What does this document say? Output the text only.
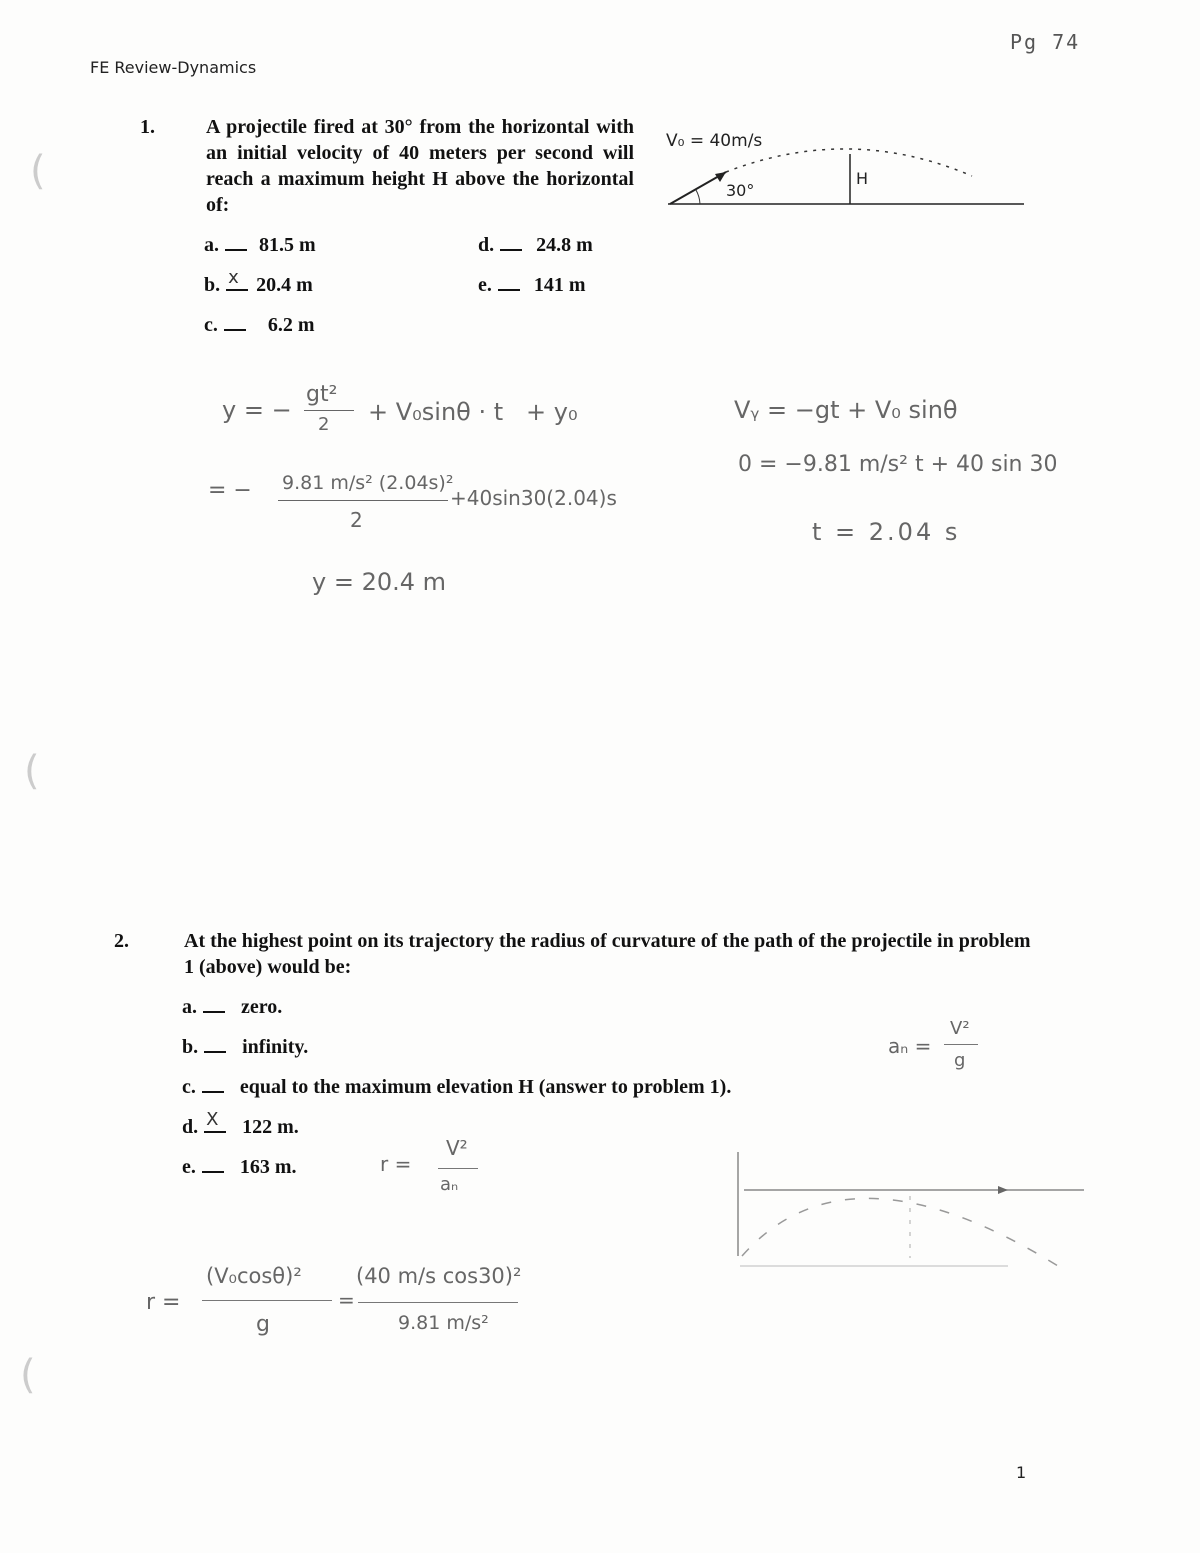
(
(
(
FE Review-Dynamics
Pg 74
1.	A projectile fired at 30° from the horizontal with an initial velocity of 40 meters per second will reach a maximum height H above the horizontal of:
a. 81.5 m
b. x 20.4 m
c.	6.2 m
d. 24.8 m
e. 141 m
V₀ = 40m/s
30°
H
y = −
gt²
2 + V₀sinθ · t   + y₀
= − 9.81 m/s² (2.04s)²
2
+40sin30(2.04)s
y = 20.4 m
Vᵧ = −gt + V₀ sinθ
0 = −9.81 m/s² t + 40 sin 30
t = 2.04 s
2.	At the highest point on its trajectory the radius of curvature of the path of the projectile in problem 1 (above) would be:
a. zero.
b. infinity.
c. equal to the maximum elevation H (answer to problem 1).
d. X 122 m.
e. 163 m.
aₙ =
V²
g
r =
V²
aₙ
r =
(V₀cosθ)²
g
=
(40 m/s cos30)²
9.81 m/s²
1
